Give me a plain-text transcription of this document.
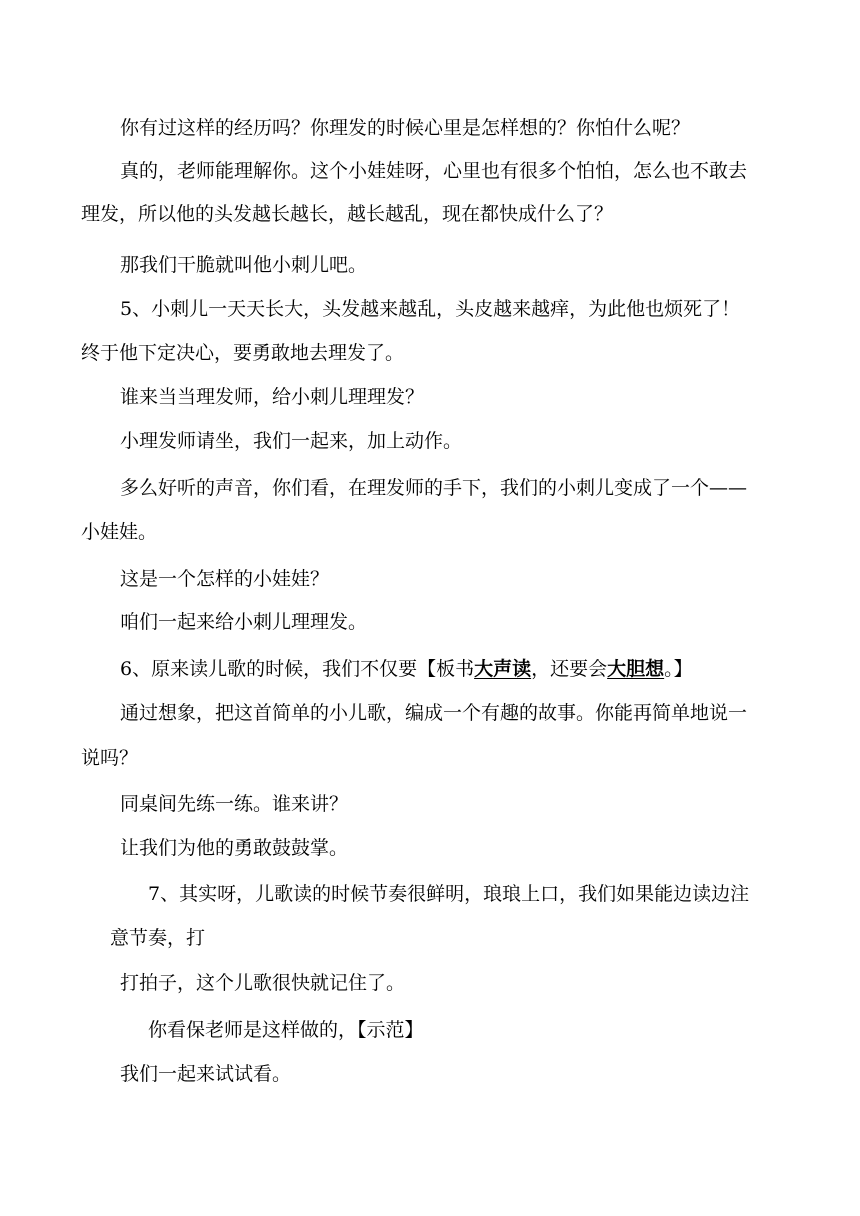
你有过这样的经历吗？你理发的时候心里是怎样想的？你怕什么呢？
真的，老师能理解你。这个小娃娃呀，心里也有很多个怕怕，怎么也不敢去
理发，所以他的头发越长越长，越长越乱，现在都快成什么了？
那我们干脆就叫他小刺儿吧。
5、小刺儿一天天长大，头发越来越乱，头皮越来越痒，为此他也烦死了！
终于他下定决心，要勇敢地去理发了。
谁来当当理发师，给小刺儿理理发？
小理发师请坐，我们一起来，加上动作。
多么好听的声音，你们看，在理发师的手下，我们的小刺儿变成了一个——
小娃娃。
这是一个怎样的小娃娃？
咱们一起来给小刺儿理理发。
6、原来读儿歌的时候，我们不仅要【板书大声读，还要会大胆想。】
通过想象，把这首简单的小儿歌，编成一个有趣的故事。你能再简单地说一
说吗？
同桌间先练一练。谁来讲？
让我们为他的勇敢鼓鼓掌。
7、其实呀，儿歌读的时候节奏很鲜明，琅琅上口，我们如果能边读边注
意节奏，打
打拍子，这个儿歌很快就记住了。
你看保老师是这样做的，【示范】
我们一起来试试看。
